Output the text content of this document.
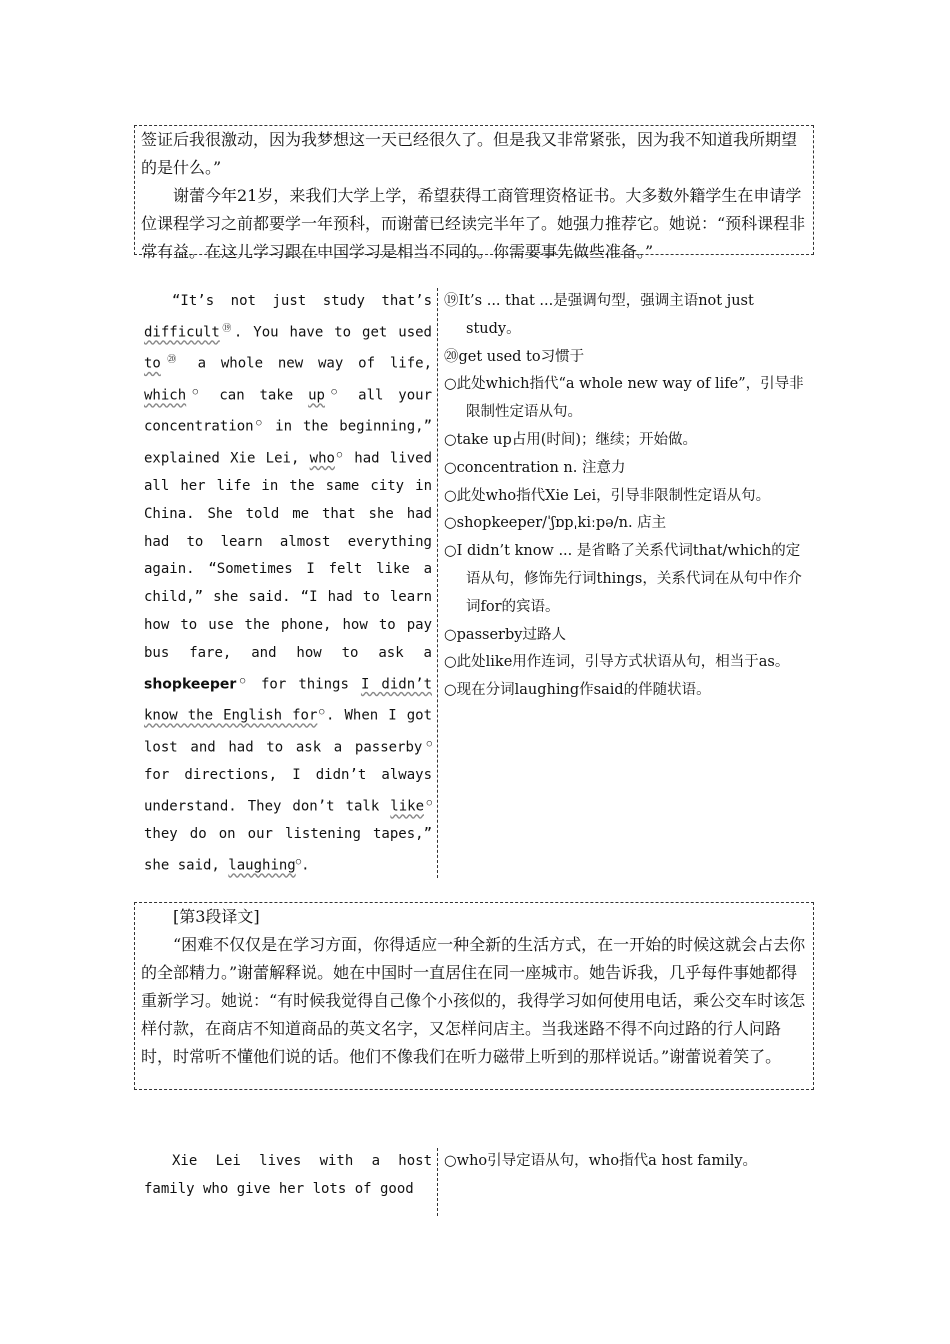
签证后我很激动，因为我梦想这一天已经很久了。但是我又非常紧张，因为我不知道我所期望的是什么。”

谢蕾今年21岁，来我们大学上学，希望获得工商管理资格证书。大多数外籍学生在申请学位课程学习之前都要学一年预科，而谢蕾已经读完半年了。她强力推荐它。她说：“预科课程非常有益。在这儿学习跟在中国学习是相当不同的。你需要事先做些准备。”

“It’s not just study that’s difficult⑲. You have to get used to⑳ a whole new way of life, which○ can take up○ all your concentration○ in the beginning,” explained Xie Lei, who○ had lived all her life in the same city in China. She told me that she had had to learn almost everything again. “Sometimes I felt like a child,” she said. “I had to learn how to use the phone, how to pay bus fare, and how to ask a shopkeeper○ for things I didn’t know the English for○. When I got lost and had to ask a passerby○ for directions, I didn’t always understand. They don’t talk like○ they do on our listening tapes,” she said, laughing○.

⑲It’s ... that ...是强调句型，强调主语not just study。

⑳get used to习惯于

○此处which指代“a whole new way of life”，引导非限制性定语从句。

○take up占用(时间)；继续；开始做。

○concentration n. 注意力

○此处who指代Xie Lei，引导非限制性定语从句。

○shopkeeper/ˈʃɒpˌkiːpə/n. 店主

○I didn’t know ... 是省略了关系代词that/which的定语从句，修饰先行词things，关系代词在从句中作介词for的宾语。

○passerby过路人

○此处like用作连词，引导方式状语从句，相当于as。

○现在分词laughing作said的伴随状语。

[第3段译文]

“困难不仅仅是在学习方面，你得适应一种全新的生活方式，在一开始的时候这就会占去你的全部精力。”谢蕾解释说。她在中国时一直居住在同一座城市。她告诉我，几乎每件事她都得重新学习。她说：“有时候我觉得自己像个小孩似的，我得学习如何使用电话，乘公交车时该怎样付款，在商店不知道商品的英文名字，又怎样问店主。当我迷路不得不向过路的行人问路时，时常听不懂他们说的话。他们不像我们在听力磁带上听到的那样说话。”谢蕾说着笑了。

Xie Lei lives with a host family who give her lots of good

○who引导定语从句，who指代a host family。
